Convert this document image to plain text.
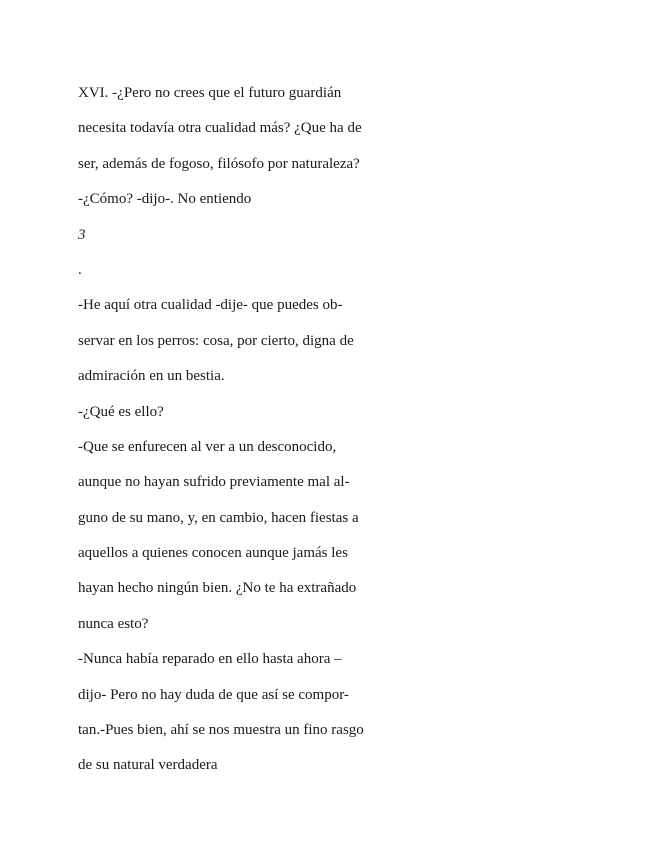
XVI. -¿Pero no crees que el futuro guardián
necesita todavía otra cualidad más? ¿Que ha de
ser, además de fogoso, filósofo por naturaleza?
-¿Cómo? -dijo-. No entiendo
3
.
-He aquí otra cualidad -dije- que puedes ob-
servar en los perros: cosa, por cierto, digna de
admiración en un bestia.
-¿Qué es ello?
-Que se enfurecen al ver a un desconocido,
aunque no hayan sufrido previamente mal al-
guno de su mano, y, en cambio, hacen fiestas a
aquellos a quienes conocen aunque jamás les
hayan hecho ningún bien. ¿No te ha extrañado
nunca esto?
-Nunca había reparado en ello hasta ahora –
dijo- Pero no hay duda de que así se compor-
tan.-Pues bien, ahí se nos muestra un fino rasgo
de su natural verdadera
